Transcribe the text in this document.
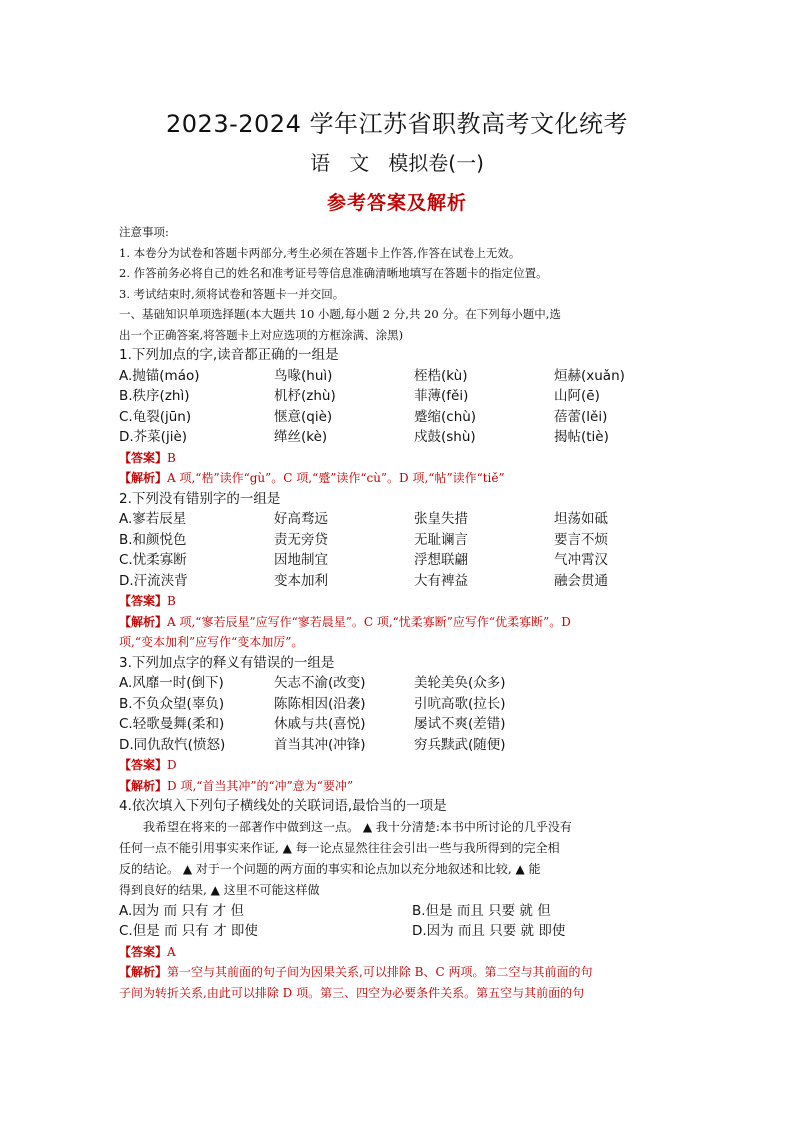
2023-2024 学年江苏省职教高考文化统考
语   文   模拟卷(一)
参考答案及解析
注意事项:
1. 本卷分为试卷和答题卡两部分,考生必须在答题卡上作答,作答在试卷上无效。
2. 作答前务必将自己的姓名和准考证号等信息准确清晰地填写在答题卡的指定位置。
3. 考试结束时,须将试卷和答题卡一并交回。
一、基础知识单项选择题(本大题共 10 小题,每小题 2 分,共 20 分。在下列每小题中,选
出一个正确答案,将答题卡上对应选项的方框涂满、涂黑)
1.下列加点的字,读音都正确的一组是
A.抛锚(máo)	鸟喙(huì)	桎梏(kù)	烜赫(xuǎn)
B.秩序(zhì)	机杼(zhù)	菲薄(fěi)	山阿(ē)
C.龟裂(jūn)	惬意(qiè)	蹙缩(chù)	蓓蕾(lěi)
D.芥菜(jiè)	缂丝(kè)	戍鼓(shù)	揭帖(tiè)
【答案】B
【解析】A 项,“梏”读作“gù”。C 项,“蹙”读作“cù”。D 项,“帖”读作“tiě”
2.下列没有错别字的一组是
A.寥若辰星	好高骛远	张皇失措	坦荡如砥
B.和颜悦色	责无旁贷	无耻谰言	要言不烦
C.忧柔寡断	因地制宜	浮想联翩	气冲霄汉
D.汗流浃背	变本加利	大有裨益	融会贯通
【答案】B
【解析】A 项,“寥若辰星”应写作“寥若晨星”。C 项,“忧柔寡断”应写作“优柔寡断”。D
项,“变本加利”应写作“变本加厉”。
3.下列加点字的释义有错误的一组是
A.风靡一时(倒下)	矢志不渝(改变)	美轮美奂(众多)
B.不负众望(辜负)	陈陈相因(沿袭)	引吭高歌(拉长)
C.轻歌曼舞(柔和)	休戚与共(喜悦)	屡试不爽(差错)
D.同仇敌忾(愤怒)	首当其冲(冲锋)	穷兵黩武(随便)
【答案】D
【解析】D 项,“首当其冲”的“冲”意为“要冲”
4.依次填入下列句子横线处的关联词语,最恰当的一项是
我希望在将来的一部著作中做到这一点。 ▲ 我十分清楚:本书中所讨论的几乎没有
任何一点不能引用事实来作证, ▲ 每一论点显然往往会引出一些与我所得到的完全相
反的结论。 ▲ 对于一个问题的两方面的事实和论点加以充分地叙述和比较, ▲ 能
得到良好的结果, ▲ 这里不可能这样做
A.因为 而 只有 才 但	B.但是 而且 只要 就 但
C.但是 而 只有 才 即使	D.因为 而且 只要 就 即使
【答案】A
【解析】第一空与其前面的句子间为因果关系,可以排除 B、C 两项。第二空与其前面的句
子间为转折关系,由此可以排除 D 项。第三、四空为必要条件关系。第五空与其前面的句
